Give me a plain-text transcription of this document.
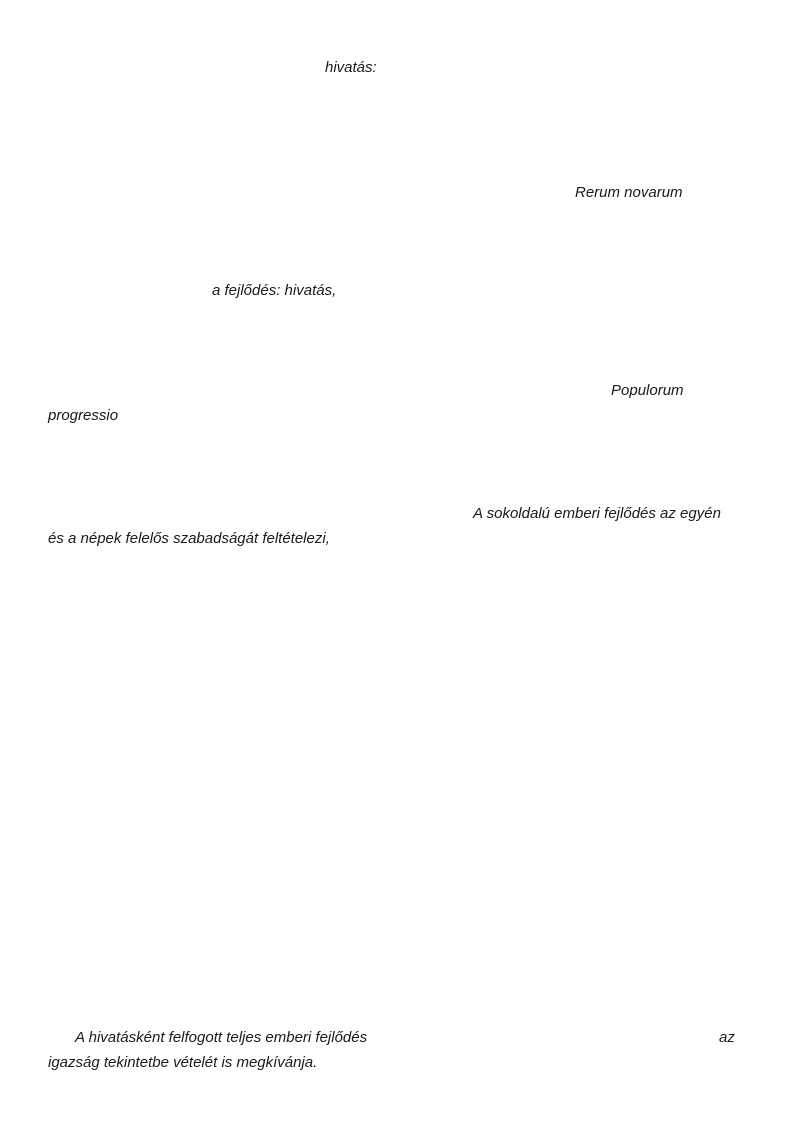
hivatás:
Rerum novarum
a fejlődés: hivatás,
Populorum
progressio
A sokoldalú emberi fejlődés az egyén
és a népek felelős szabadságát feltételezi,
A hivatásként felfogott teljes emberi fejlődés	az
igazság tekintetbe vételét is megkívánja.
